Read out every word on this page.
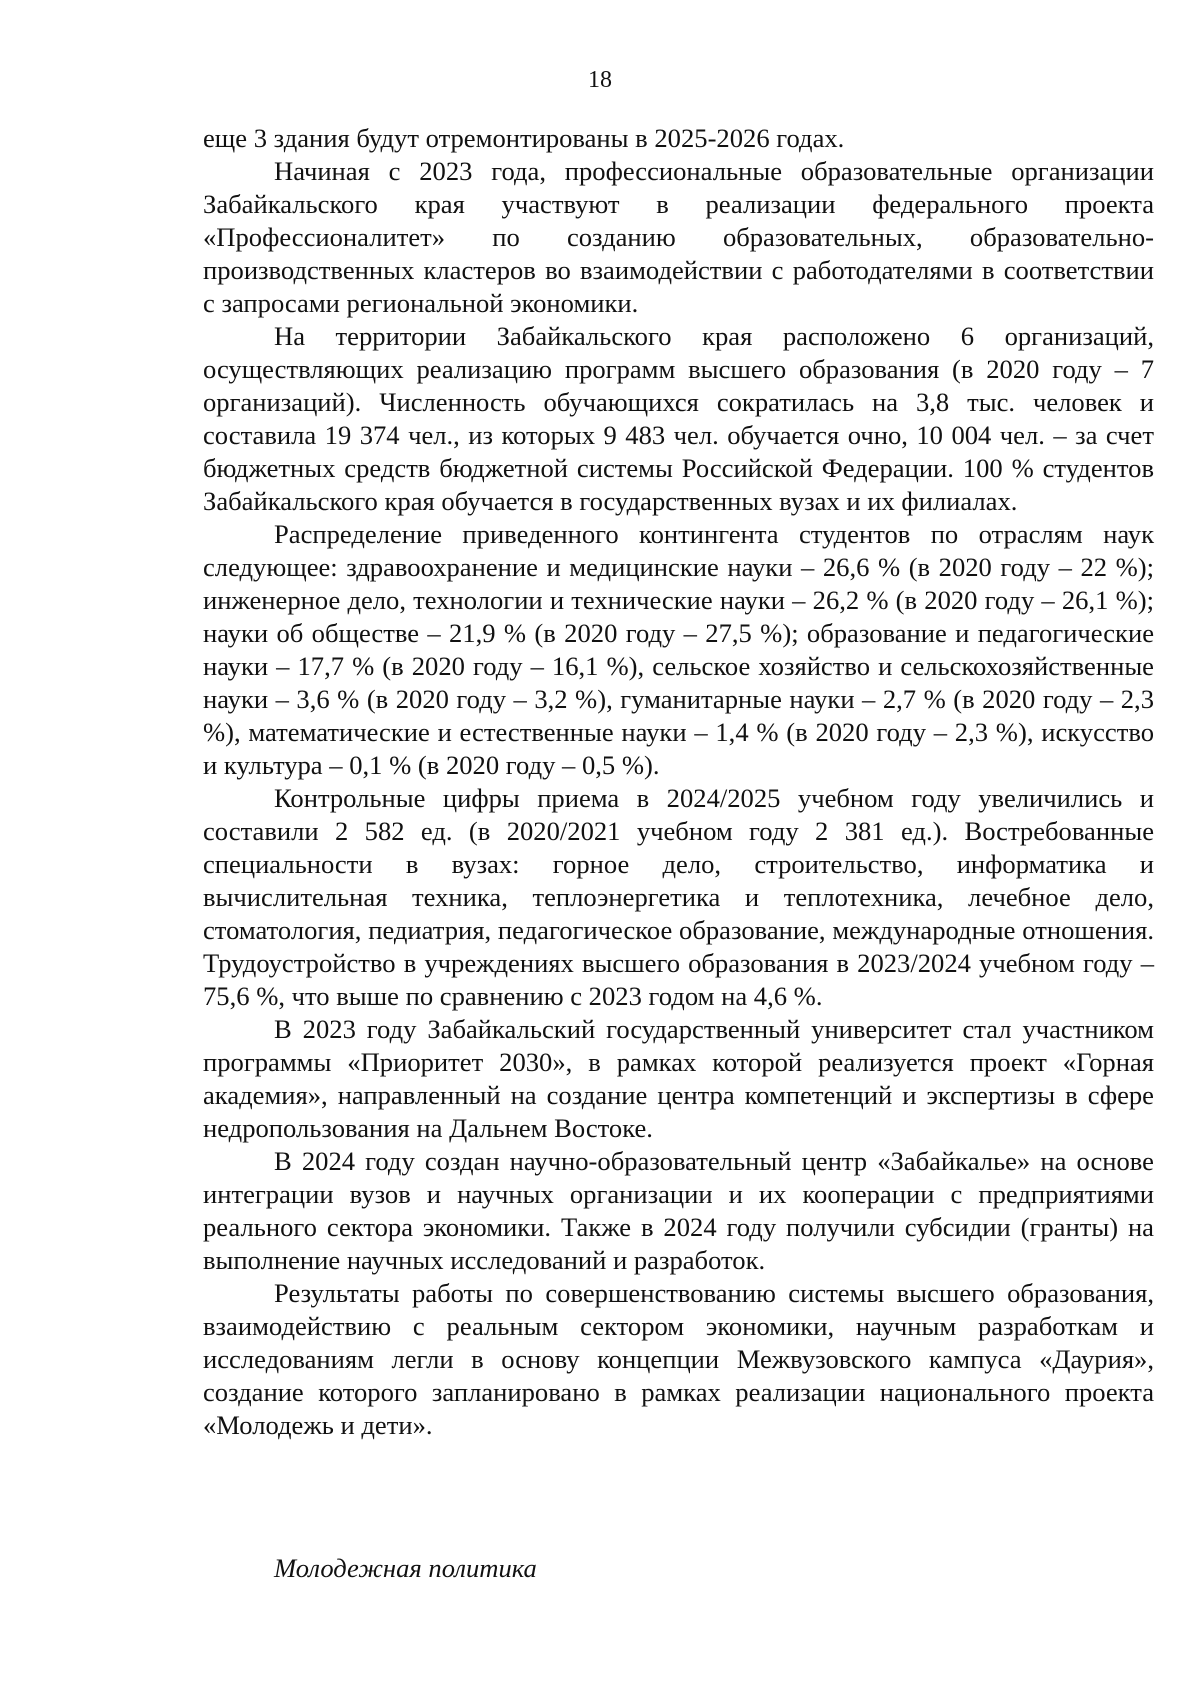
18

еще 3 здания будут отремонтированы в 2025-2026 годах.

Начиная с 2023 года, профессиональные образовательные организации Забайкальского края участвуют в реализации федерального проекта «Профессионалитет» по созданию образовательных, образовательно-производственных кластеров во взаимодействии с работодателями в соответствии с запросами региональной экономики.

На территории Забайкальского края расположено 6 организаций, осуществляющих реализацию программ высшего образования (в 2020 году – 7 организаций). Численность обучающихся сократилась на 3,8 тыс. человек и составила 19 374 чел., из которых 9 483 чел. обучается очно, 10 004 чел. – за счет бюджетных средств бюджетной системы Российской Федерации. 100 % студентов Забайкальского края обучается в государственных вузах и их филиалах.

Распределение приведенного контингента студентов по отраслям наук следующее: здравоохранение и медицинские науки – 26,6 % (в 2020 году – 22 %); инженерное дело, технологии и технические науки – 26,2 % (в 2020 году – 26,1 %); науки об обществе – 21,9 % (в 2020 году – 27,5 %); образование и педагогические науки – 17,7 % (в 2020 году – 16,1 %), сельское хозяйство и сельскохозяйственные науки – 3,6 % (в 2020 году – 3,2 %), гуманитарные науки – 2,7 % (в 2020 году – 2,3 %), математические и естественные науки – 1,4 % (в 2020 году – 2,3 %), искусство и культура – 0,1 % (в 2020 году – 0,5 %).

Контрольные цифры приема в 2024/2025 учебном году увеличились и составили 2 582 ед. (в 2020/2021 учебном году 2 381 ед.). Востребованные специальности в вузах: горное дело, строительство, информатика и вычислительная техника, теплоэнергетика и теплотехника, лечебное дело, стоматология, педиатрия, педагогическое образование, международные отношения. Трудоустройство в учреждениях высшего образования в 2023/2024 учебном году – 75,6 %, что выше по сравнению с 2023 годом на 4,6 %.

В 2023 году Забайкальский государственный университет стал участником программы «Приоритет 2030», в рамках которой реализуется проект «Горная академия», направленный на создание центра компетенций и экспертизы в сфере недропользования на Дальнем Востоке.

В 2024 году создан научно-образовательный центр «Забайкалье» на основе интеграции вузов и научных организации и их кооперации с предприятиями реального сектора экономики. Также в 2024 году получили субсидии (гранты) на выполнение научных исследований и разработок.

Результаты работы по совершенствованию системы высшего образования, взаимодействию с реальным сектором экономики, научным разработкам и исследованиям легли в основу концепции Межвузовского кампуса «Даурия», создание которого запланировано в рамках реализации национального проекта «Молодежь и дети».

Молодежная политика
